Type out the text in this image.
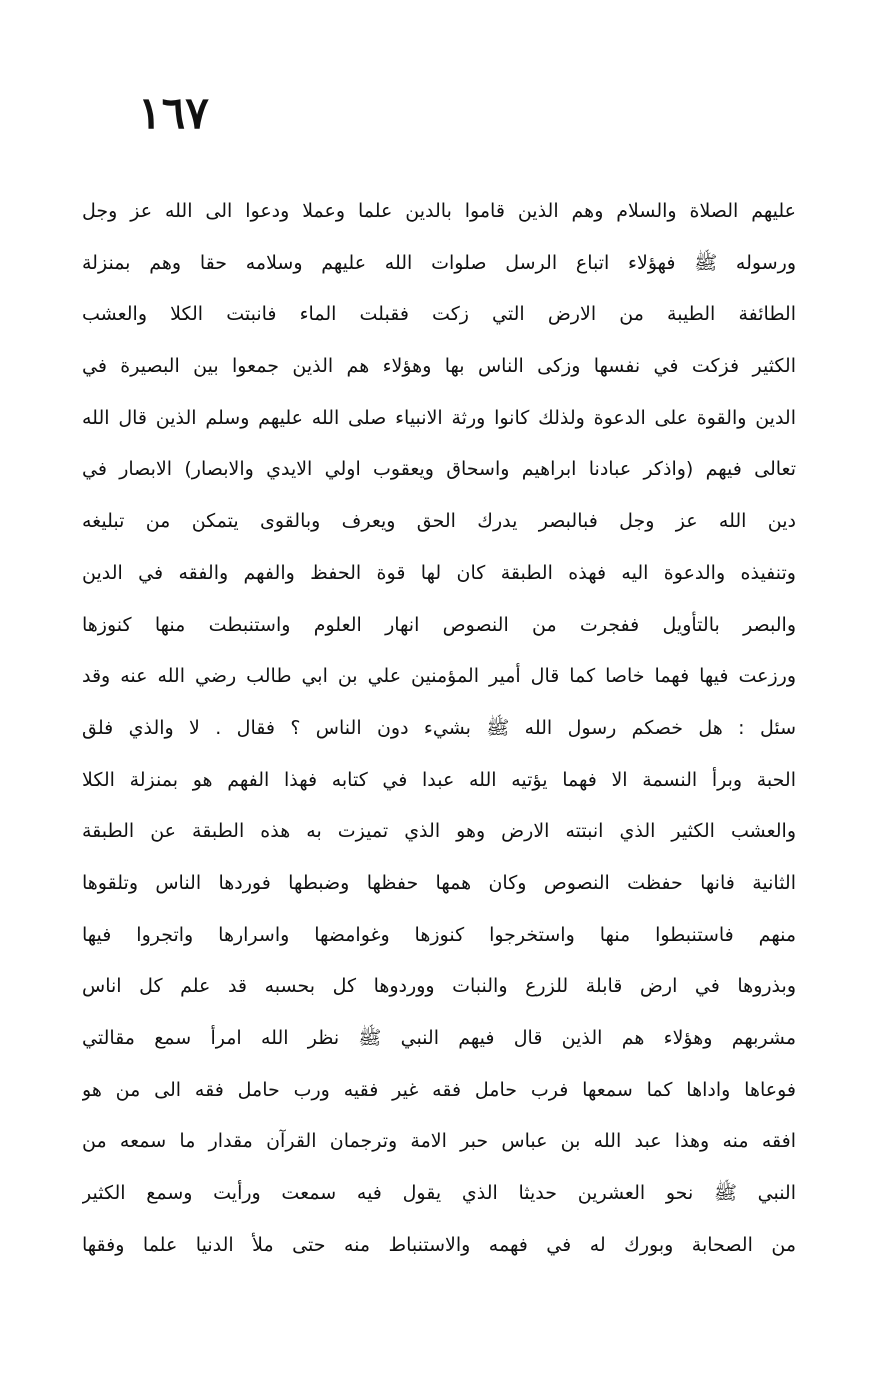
١٦٧
عليهم الصلاة والسلام وهم الذين قاموا بالدين علما وعملا ودعوا الى الله عز وجل
ورسوله ﷺ فهؤلاء اتباع الرسل صلوات الله عليهم وسلامه حقا وهم بمنزلة
الطائفة الطيبة من الارض التي زكت فقبلت الماء فانبتت الكلا والعشب
الكثير فزكت في نفسها وزكى الناس بها وهؤلاء هم الذين جمعوا بين البصيرة في
الدين والقوة على الدعوة ولذلك كانوا ورثة الانبياء صلى الله عليهم وسلم الذين قال الله
تعالى فيهم (واذكر عبادنا ابراهيم واسحاق ويعقوب اولي الايدي والابصار) الابصار في
دين الله عز وجل فبالبصر يدرك الحق ويعرف وبالقوى يتمكن من تبليغه
وتنفيذه والدعوة اليه فهذه الطبقة كان لها قوة الحفظ والفهم والفقه في الدين
والبصر بالتأويل ففجرت من النصوص انهار العلوم واستنبطت منها كنوزها
ورزعت فيها فهما خاصا كما قال أمير المؤمنين علي بن ابي طالب رضي الله عنه وقد
سئل : هل خصكم رسول الله ﷺ بشيء دون الناس ؟ فقال . لا والذي فلق
الحبة وبرأ النسمة الا فهما يؤتيه الله عبدا في كتابه فهذا الفهم هو بمنزلة الكلا
والعشب الكثير الذي انبتته الارض وهو الذي تميزت به هذه الطبقة عن الطبقة
الثانية فانها حفظت النصوص وكان همها حفظها وضبطها فوردها الناس وتلقوها
منهم فاستنبطوا منها واستخرجوا كنوزها وغوامضها واسرارها واتجروا فيها
وبذروها في ارض قابلة للزرع والنبات ووردوها كل بحسبه قد علم كل اناس
مشربهم وهؤلاء هم الذين قال فيهم النبي ﷺ نظر الله امرأ سمع مقالتي
فوعاها واداها كما سمعها فرب حامل فقه غير فقيه ورب حامل فقه الى من هو
افقه منه وهذا عبد الله بن عباس حبر الامة وترجمان القرآن مقدار ما سمعه من
النبي ﷺ نحو العشرين حديثا الذي يقول فيه سمعت ورأيت وسمع الكثير
من الصحابة وبورك له في فهمه والاستنباط منه حتى ملأ الدنيا علما وفقها
